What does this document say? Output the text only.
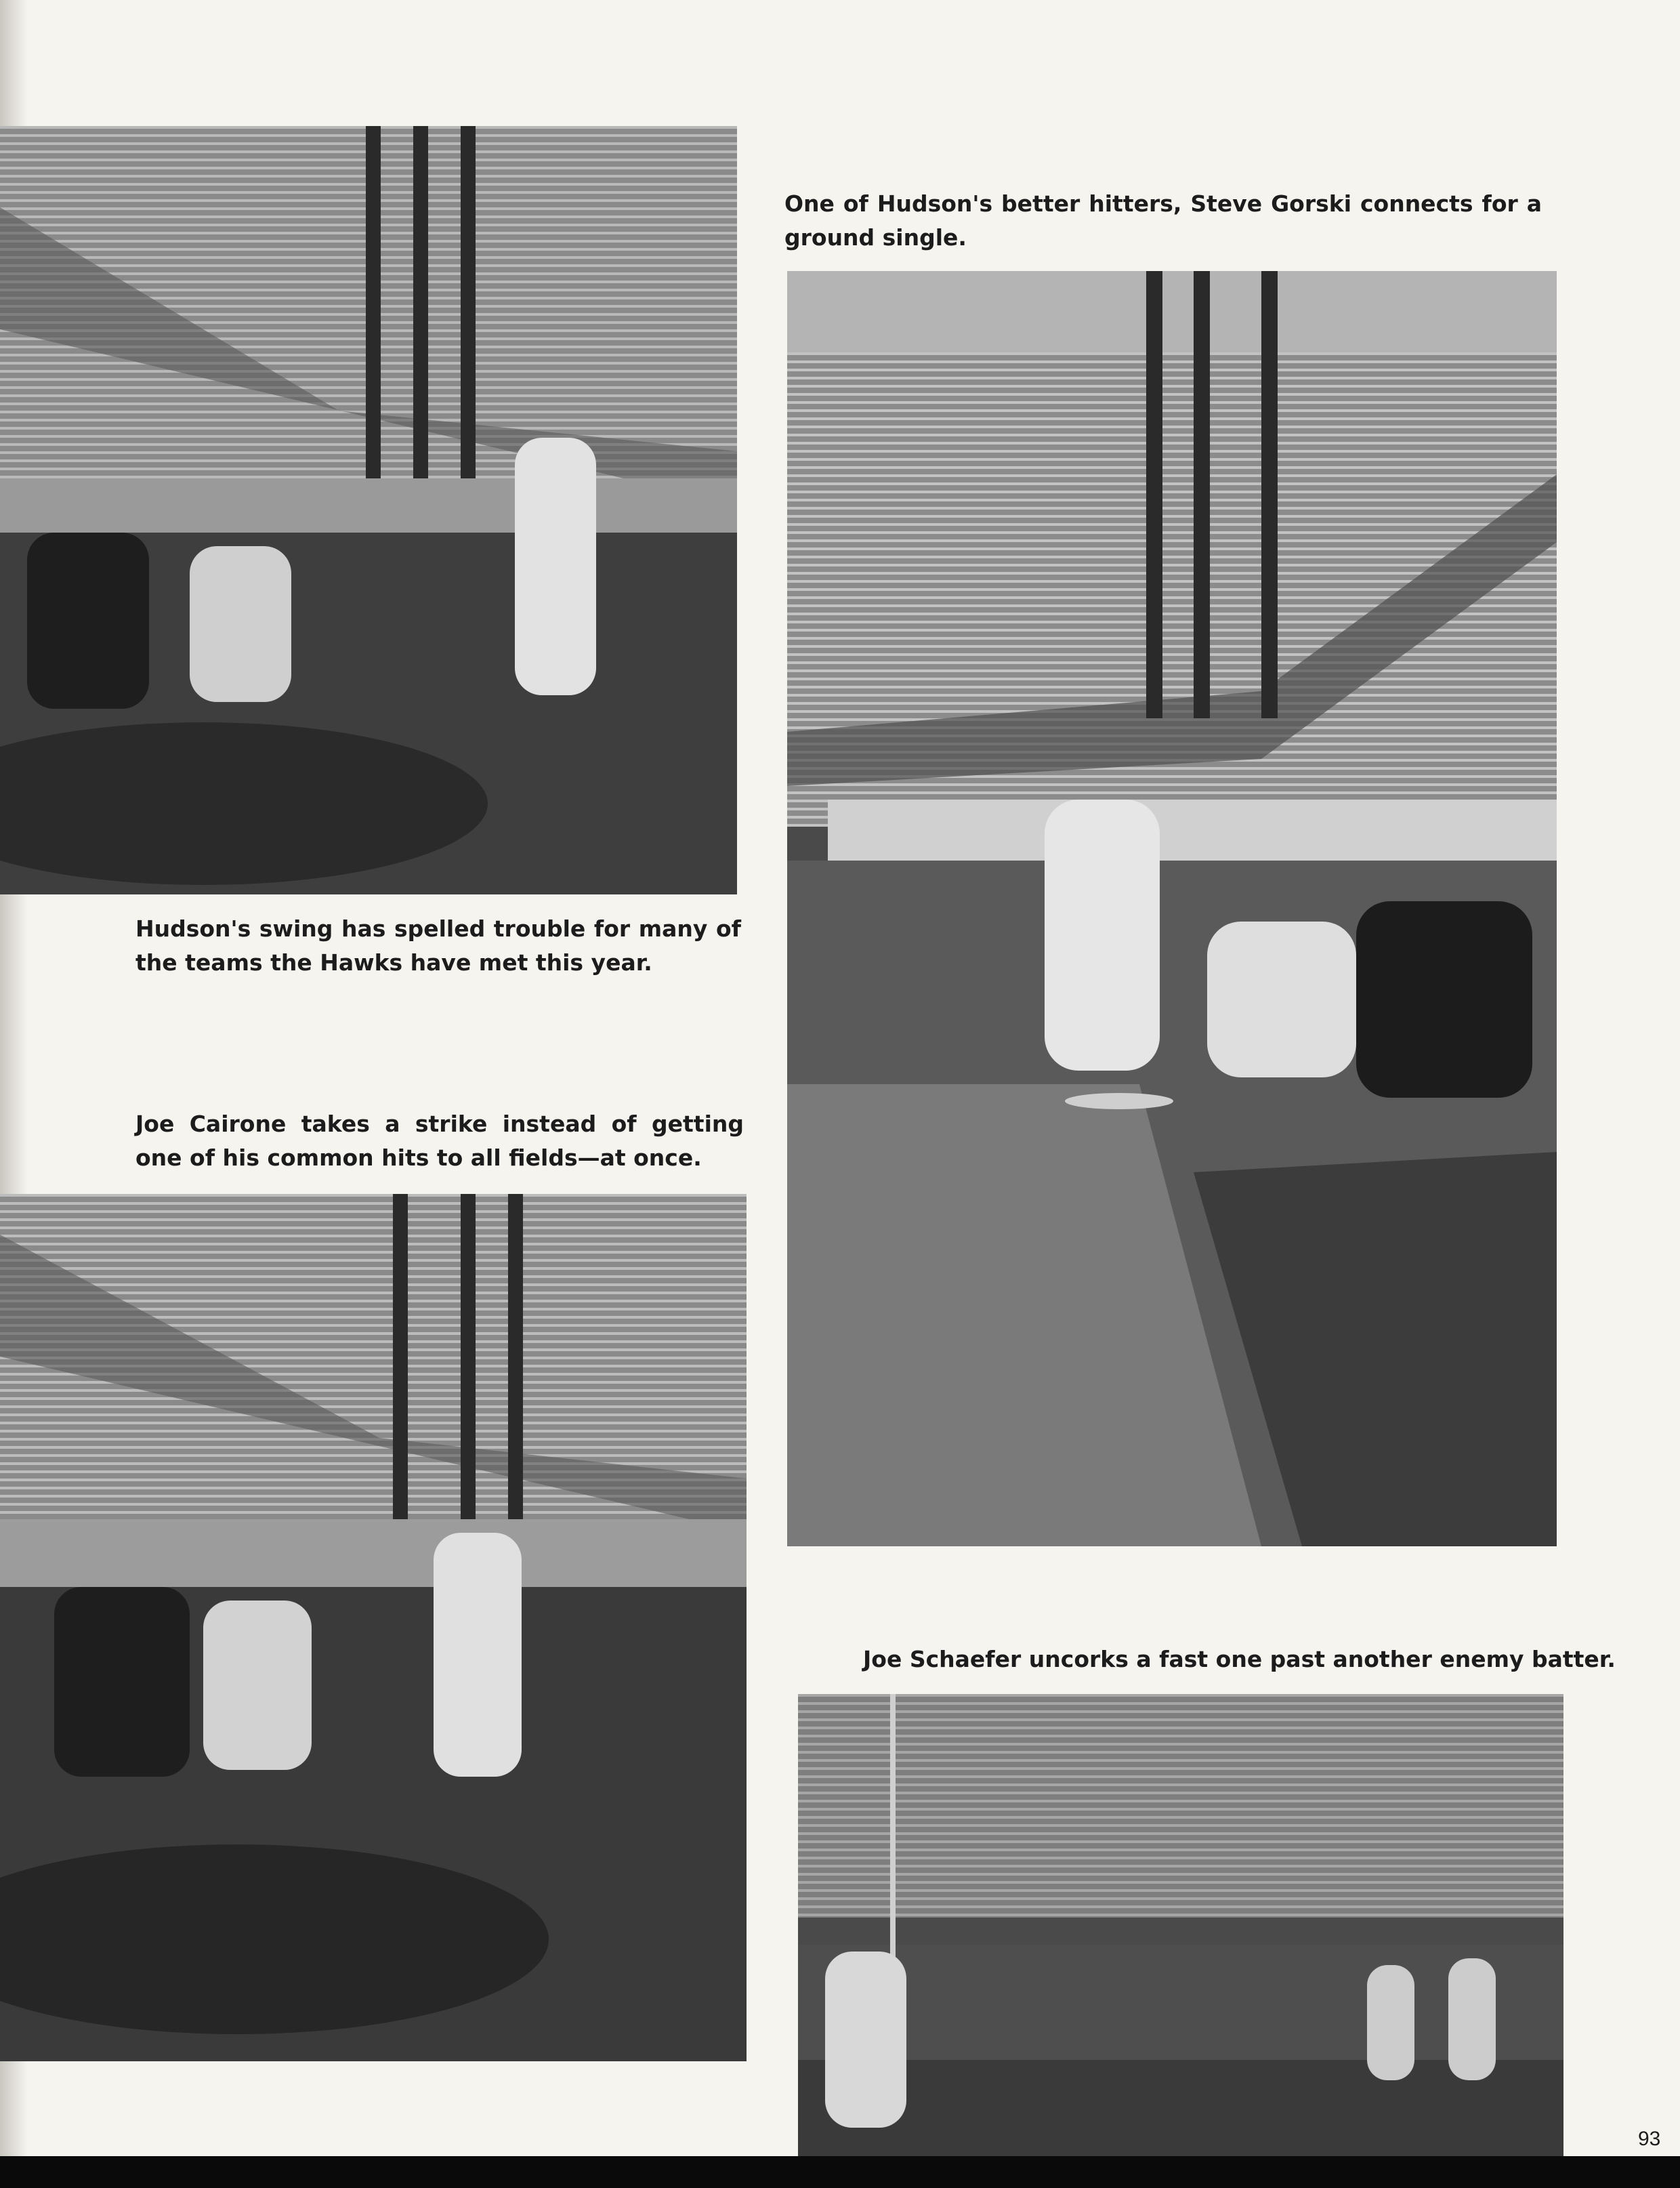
Hudson's swing has spelled trouble for many of the teams the Hawks have met this year.

Joe Cairone takes a strike instead of getting one of his common hits to all fields—at once.

One of Hudson's better hitters, Steve Gorski connects for a ground single.

Joe Schaefer uncorks a fast one past another enemy batter.

93
